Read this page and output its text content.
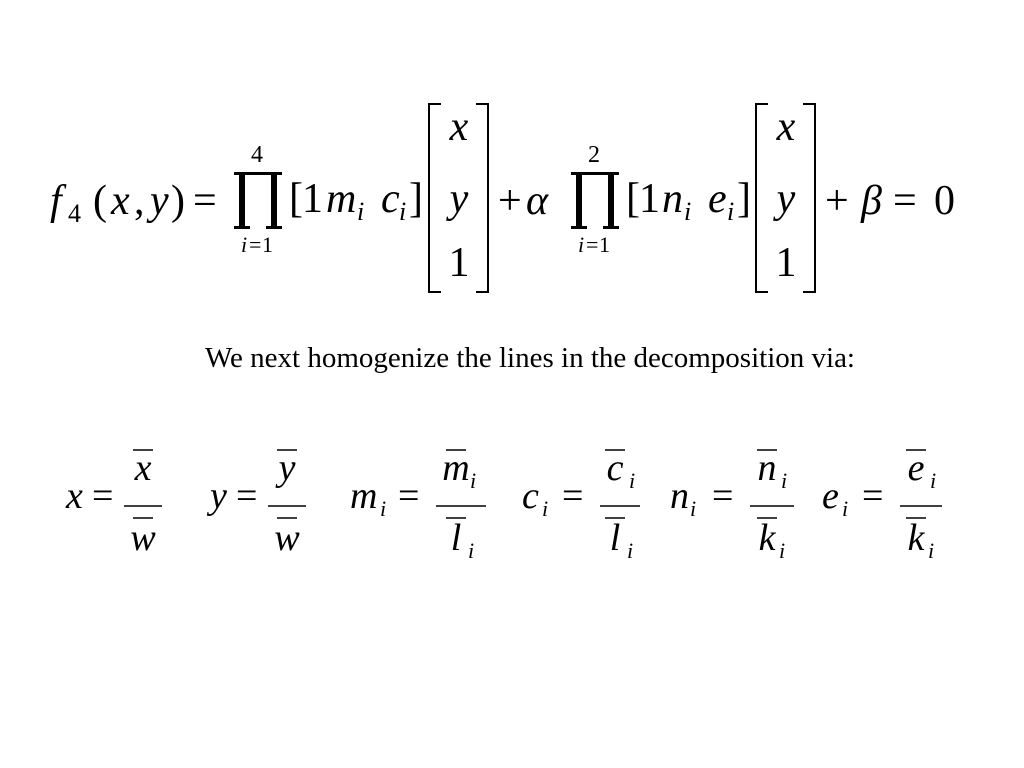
f 4 ( x , y ) =
4
i = 1
[ 1 m i c i ]
x
y
1
+ α
2
i = 1
[ 1 n i e i ]
x
y
1
+ β = 0
We next homogenize the lines in the decomposition via:
x =
x
w
y =
y
w
m i =
m i
l i
c i =
c i
l i
n i =
n i
k i
e i =
e i
k i
